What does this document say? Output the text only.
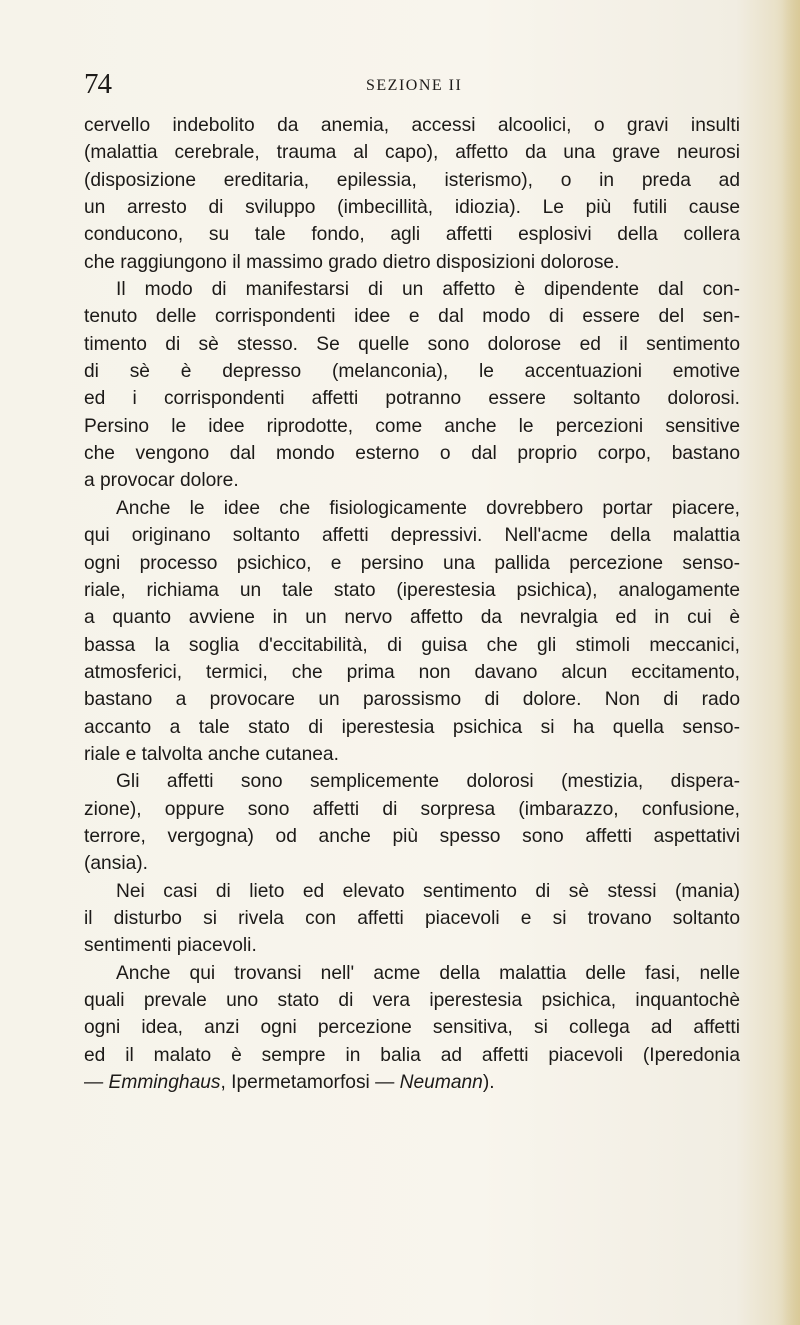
74	SEZIONE II
cervello indebolito da anemia, accessi alcoolici, o gravi insulti
(malattia cerebrale, trauma al capo), affetto da una grave neurosi
(disposizione ereditaria, epilessia, isterismo), o in preda ad
un arresto di sviluppo (imbecillità, idiozia). Le più futili cause
conducono, su tale fondo, agli affetti esplosivi della collera
che raggiungono il massimo grado dietro disposizioni dolorose.
Il modo di manifestarsi di un affetto è dipendente dal con-
tenuto delle corrispondenti idee e dal modo di essere del sen-
timento di sè stesso. Se quelle sono dolorose ed il sentimento
di sè è depresso (melanconia), le accentuazioni emotive
ed i corrispondenti affetti potranno essere soltanto dolorosi.
Persino le idee riprodotte, come anche le percezioni sensitive
che vengono dal mondo esterno o dal proprio corpo, bastano
a provocar dolore.
Anche le idee che fisiologicamente dovrebbero portar piacere,
qui originano soltanto affetti depressivi. Nell'acme della malattia
ogni processo psichico, e persino una pallida percezione senso-
riale, richiama un tale stato (iperestesia psichica), analogamente
a quanto avviene in un nervo affetto da nevralgia ed in cui è
bassa la soglia d'eccitabilità, di guisa che gli stimoli meccanici,
atmosferici, termici, che prima non davano alcun eccitamento,
bastano a provocare un parossismo di dolore. Non di rado
accanto a tale stato di iperestesia psichica si ha quella senso-
riale e talvolta anche cutanea.
Gli affetti sono semplicemente dolorosi (mestizia, dispera-
zione), oppure sono affetti di sorpresa (imbarazzo, confusione,
terrore, vergogna) od anche più spesso sono affetti aspettativi
(ansia).
Nei casi di lieto ed elevato sentimento di sè stessi (mania)
il disturbo si rivela con affetti piacevoli e si trovano soltanto
sentimenti piacevoli.
Anche qui trovansi nell' acme della malattia delle fasi, nelle
quali prevale uno stato di vera iperestesia psichica, inquantochè
ogni idea, anzi ogni percezione sensitiva, si collega ad affetti
ed il malato è sempre in balia ad affetti piacevoli (Iperedonia
— Emminghaus, Ipermetamorfosi — Neumann).
